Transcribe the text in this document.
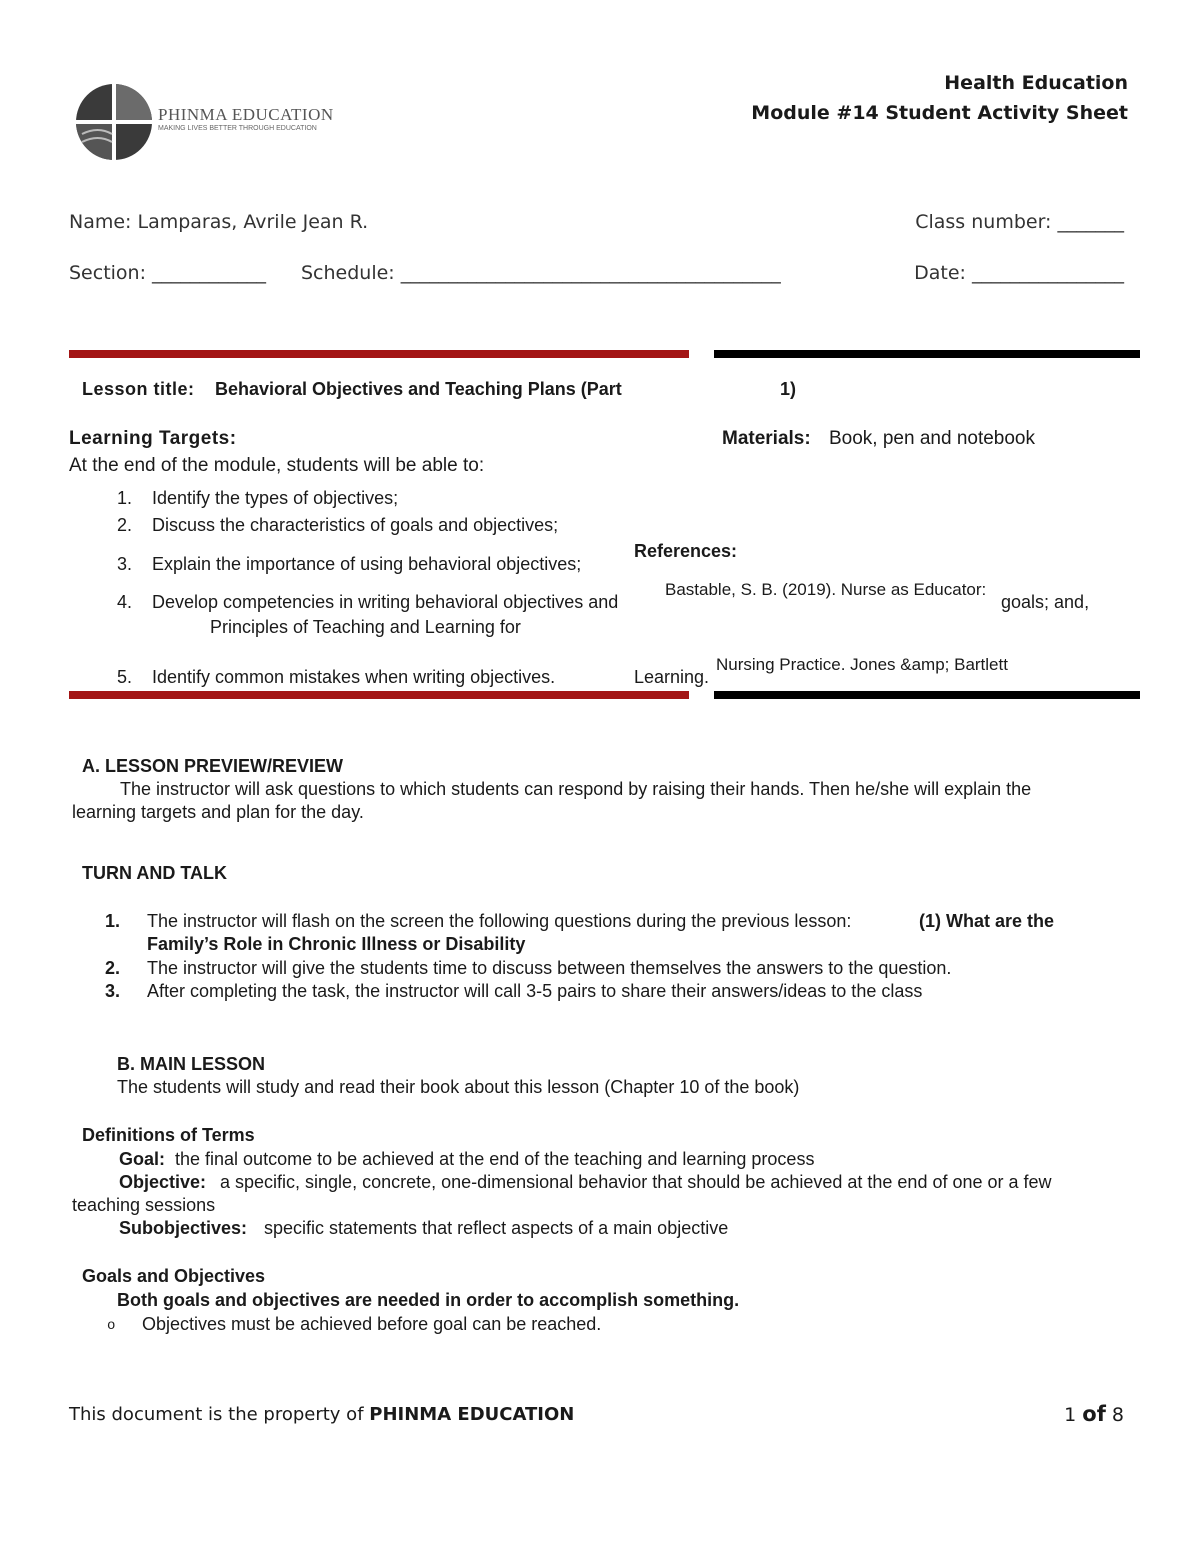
PHINMA EDUCATION
MAKING LIVES BETTER THROUGH EDUCATION
Health Education
Module #14 Student Activity Sheet
Name: Lamparas, Avrile Jean R.	Class number: _______
Section: ____________ Schedule: ________________________________________	Date: ________________
Lesson title: Behavioral Objectives and Teaching Plans (Part	1)
Learning Targets:
At the end of the module, students will be able to:
1. Identify the types of objectives;
2. Discuss the characteristics of goals and objectives;
3. Explain the importance of using behavioral objectives;
4. Develop competencies in writing behavioral objectives and
Principles of Teaching and Learning for
goals; and,
5. Identify common mistakes when writing objectives.	Learning.
Materials: Book, pen and notebook
References:
Bastable, S. B. (2019). Nurse as Educator:
Nursing Practice. Jones &amp; Bartlett
A. LESSON PREVIEW/REVIEW
The instructor will ask questions to which students can respond by raising their hands. Then he/she will explain the
learning targets and plan for the day.
TURN AND TALK
1. The instructor will flash on the screen the following questions during the previous lesson:	(1) What are the
Family’s Role in Chronic Illness or Disability
2. The instructor will give the students time to discuss between themselves the answers to the question.
3. After completing the task, the instructor will call 3-5 pairs to share their answers/ideas to the class
B. MAIN LESSON
The students will study and read their book about this lesson (Chapter 10 of the book)
Definitions of Terms
Goal: the final outcome to be achieved at the end of the teaching and learning process
Objective: a specific, single, concrete, one-dimensional behavior that should be achieved at the end of one or a few
teaching sessions
Subobjectives: specific statements that reflect aspects of a main objective
Goals and Objectives
Both goals and objectives are needed in order to accomplish something.
o Objectives must be achieved before goal can be reached.
This document is the property of PHINMA EDUCATION	1 of 8
